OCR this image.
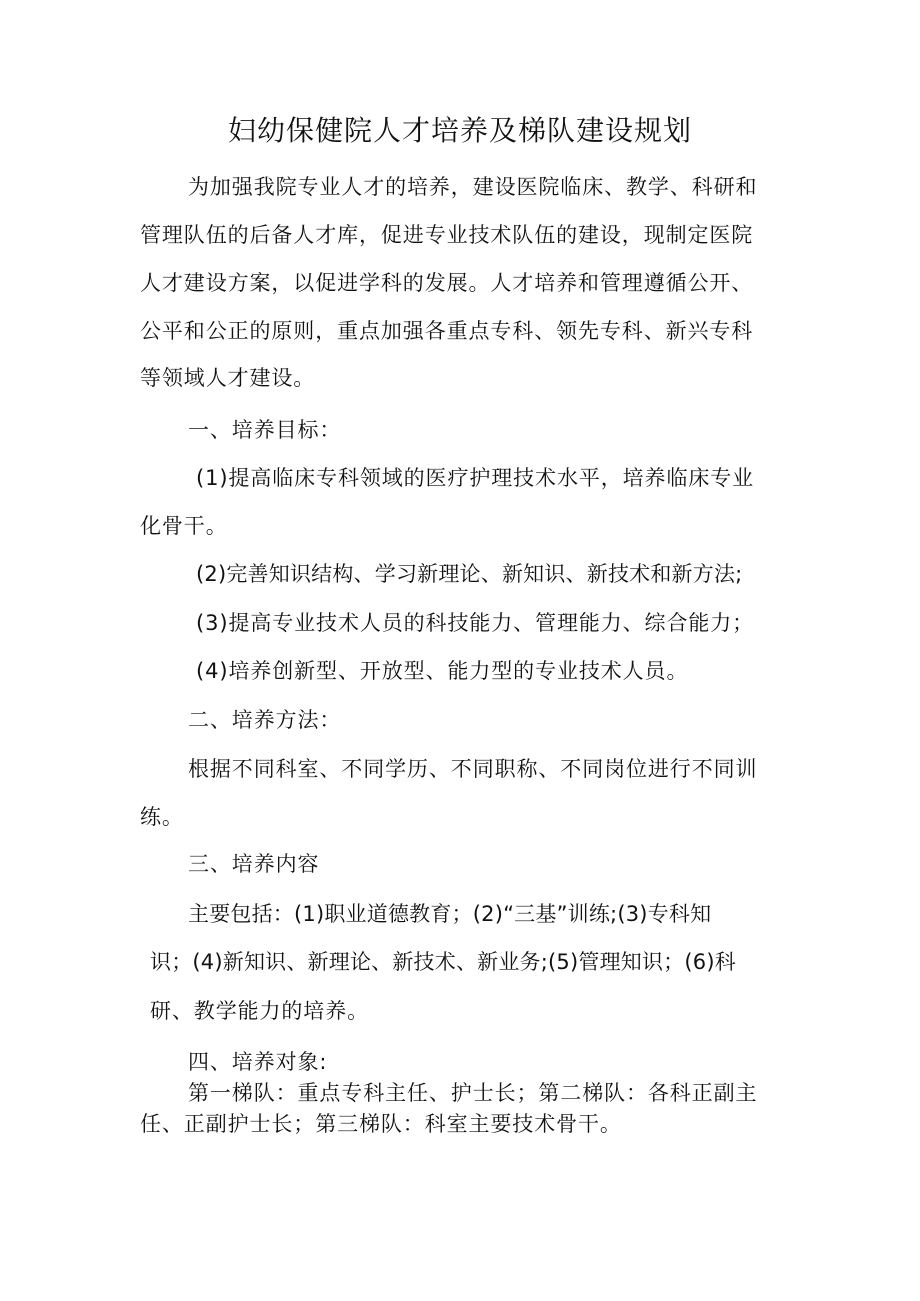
妇幼保健院人才培养及梯队建设规划
为加强我院专业人才的培养，建设医院临床、教学、科研和
管理队伍的后备人才库，促进专业技术队伍的建设，现制定医院
人才建设方案，以促进学科的发展。人才培养和管理遵循公开、
公平和公正的原则，重点加强各重点专科、领先专科、新兴专科
等领域人才建设。
一、培养目标：
(1)提高临床专科领域的医疗护理技术水平，培养临床专业
化骨干。
(2)完善知识结构、学习新理论、新知识、新技术和新方法;
(3)提高专业技术人员的科技能力、管理能力、综合能力；
(4)培养创新型、开放型、能力型的专业技术人员。
二、培养方法：
根据不同科室、不同学历、不同职称、不同岗位进行不同训
练。
三、培养内容
主要包括：(1)职业道德教育；(2)“三基”训练;(3)专科知
识；(4)新知识、新理论、新技术、新业务;(5)管理知识；(6)科
研、教学能力的培养。
四、培养对象:
第一梯队：重点专科主任、护士长；第二梯队：各科正副主
任、正副护士长；第三梯队：科室主要技术骨干。
